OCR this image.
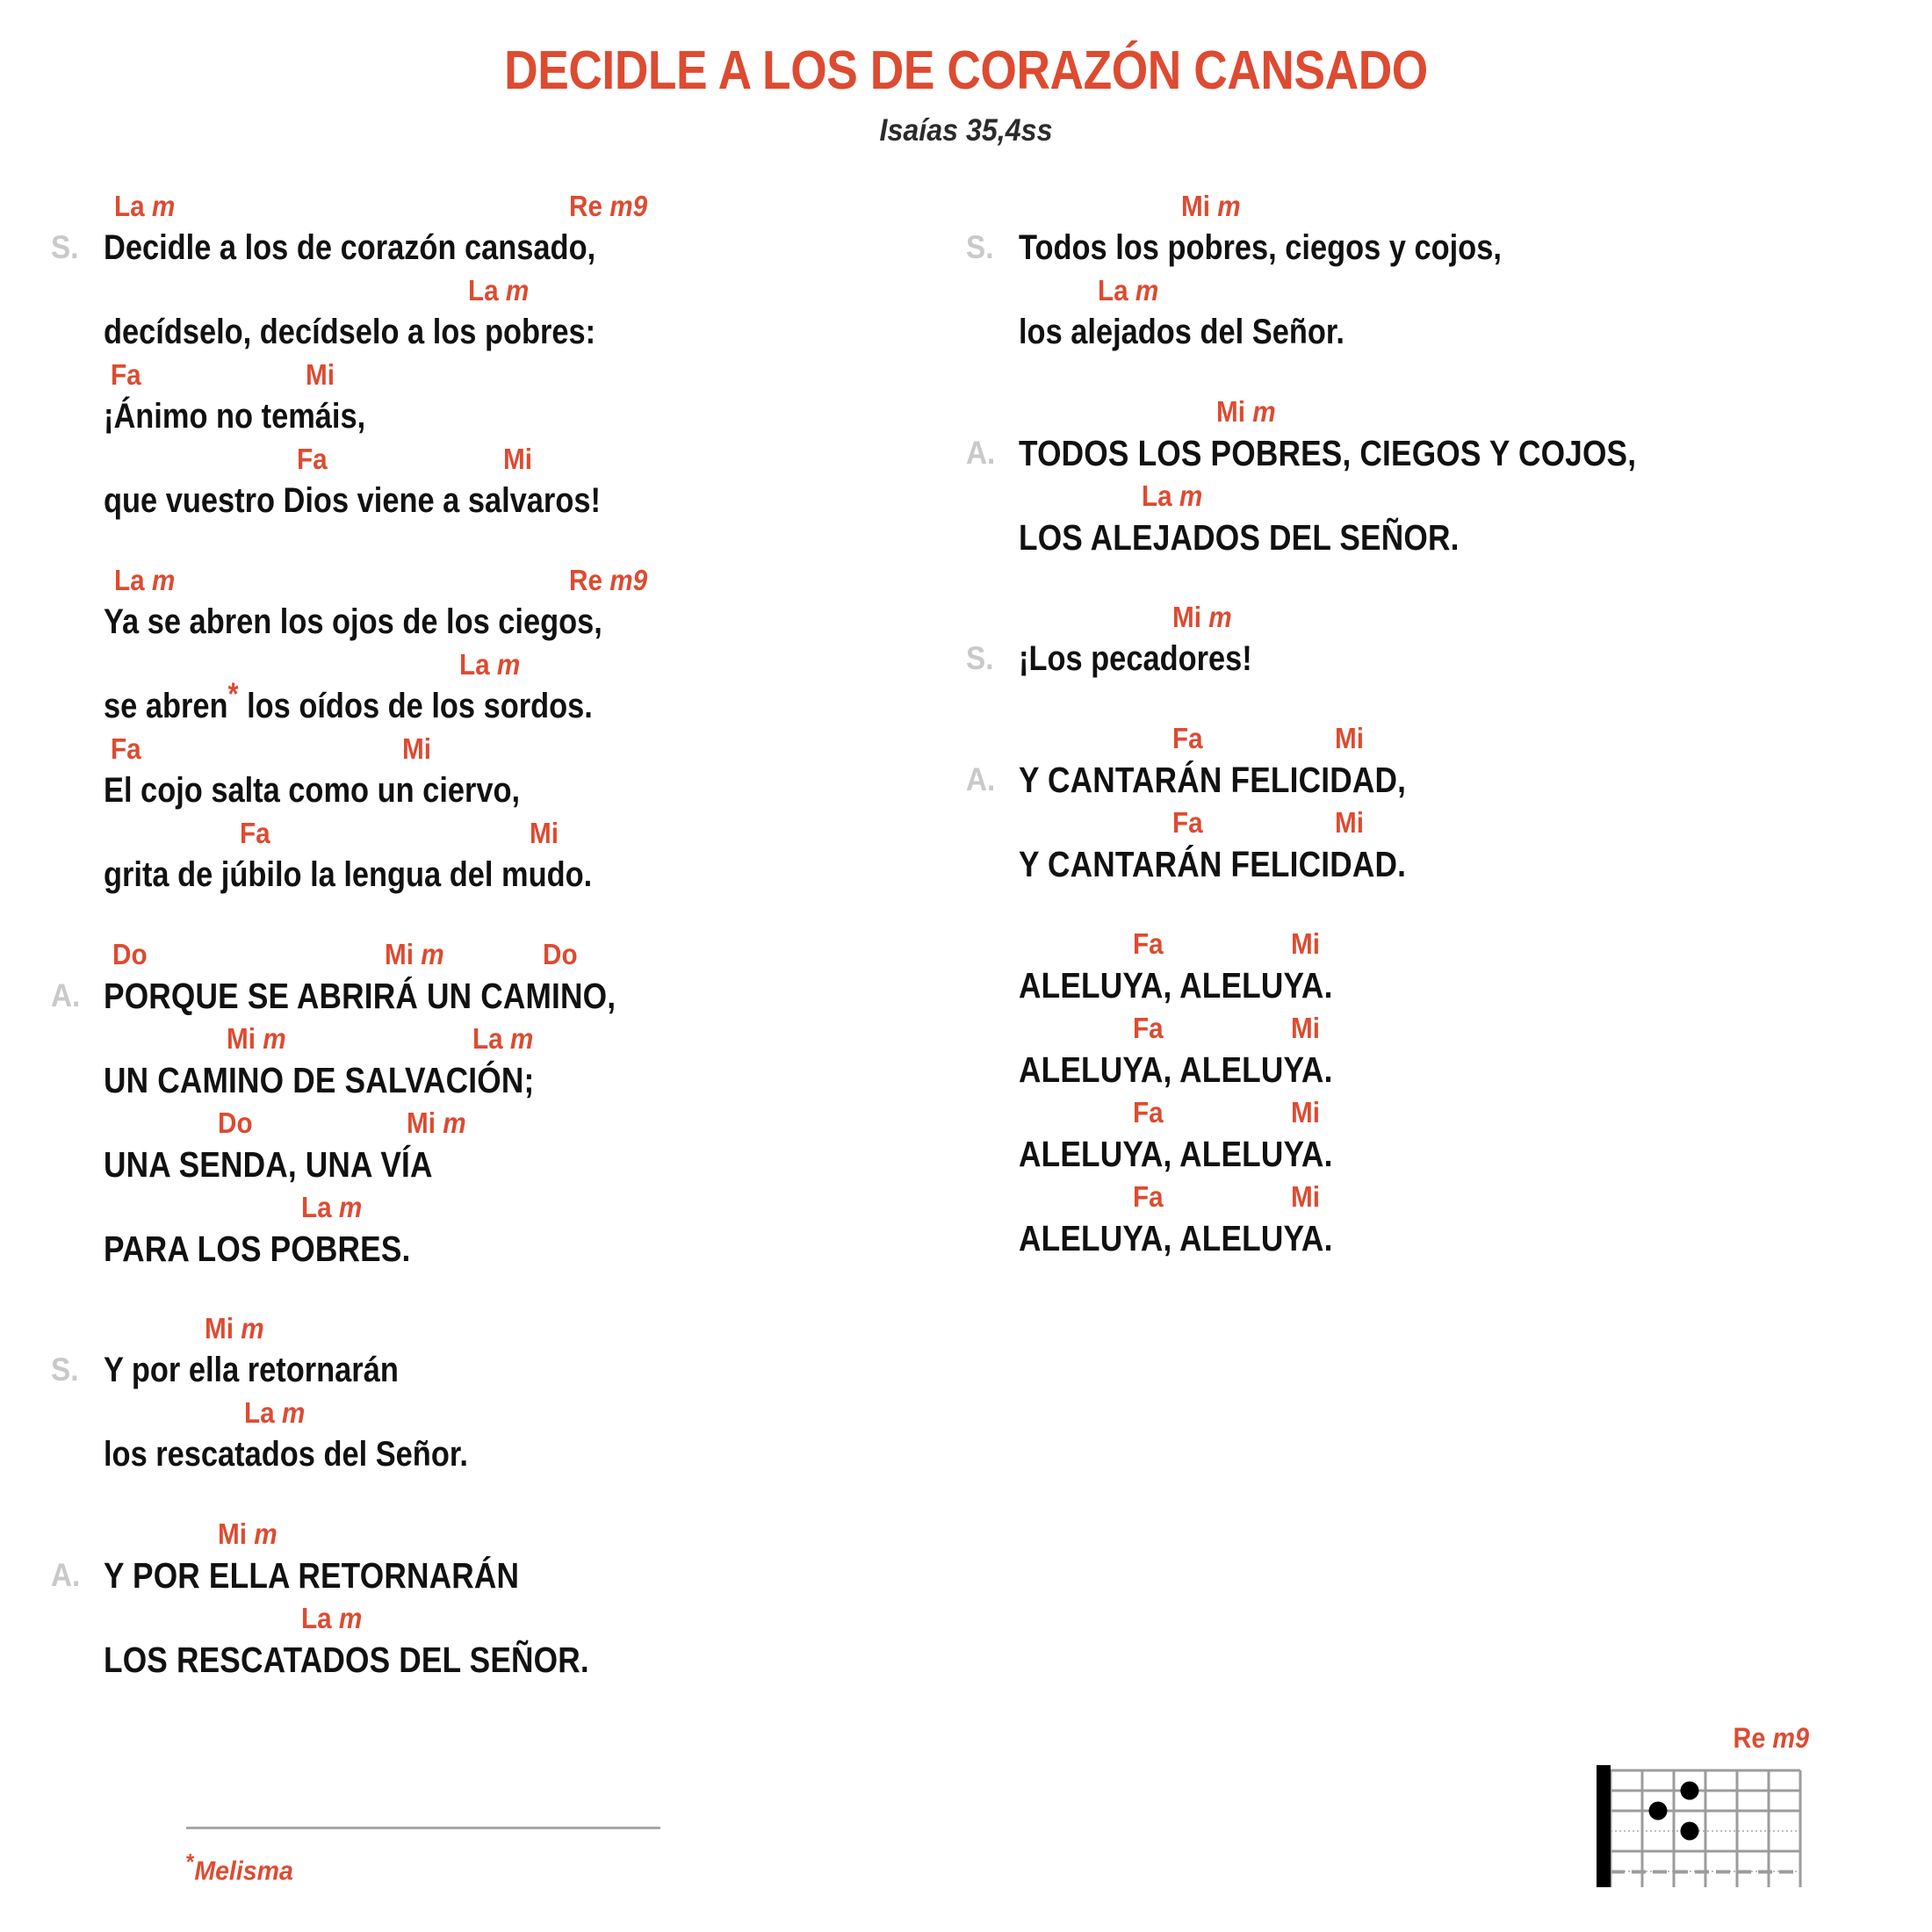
DECIDLE A LOS DE CORAZÓN CANSADO
Isaías 35,4ss
La m	Re m9
S. Decidle a los de corazón cansado,
La m
decídselo, decídselo a los pobres:
Fa	Mi
¡Ánimo no temáis,
Fa	Mi
que vuestro Dios viene a salvaros!
La m	Re m9
Ya se abren los ojos de los ciegos,
La m
se abren* los oídos de los sordos.
Fa	Mi
El cojo salta como un ciervo,
Fa	Mi
grita de júbilo la lengua del mudo.
Do	Mi m	Do
A. PORQUE SE ABRIRÁ UN CAMINO,
Mi m	La m
UN CAMINO DE SALVACIÓN;
Do	Mi m
UNA SENDA, UNA VÍA
La m
PARA LOS POBRES.
Mi m
S. Y por ella retornarán
La m
los rescatados del Señor.
Mi m
A. Y POR ELLA RETORNARÁN
La m
LOS RESCATADOS DEL SEÑOR.
Mi m
S. Todos los pobres, ciegos y cojos,
La m
los alejados del Señor.
Mi m
A. TODOS LOS POBRES, CIEGOS Y COJOS,
La m
LOS ALEJADOS DEL SEÑOR.
Mi m
S. ¡Los pecadores!
Fa	Mi
A. Y CANTARÁN FELICIDAD,
Fa	Mi
Y CANTARÁN FELICIDAD.
Fa	Mi
ALELUYA, ALELUYA.
Fa	Mi
ALELUYA, ALELUYA.
Fa	Mi
ALELUYA, ALELUYA.
Fa	Mi
ALELUYA, ALELUYA.
*Melisma
Re m9
